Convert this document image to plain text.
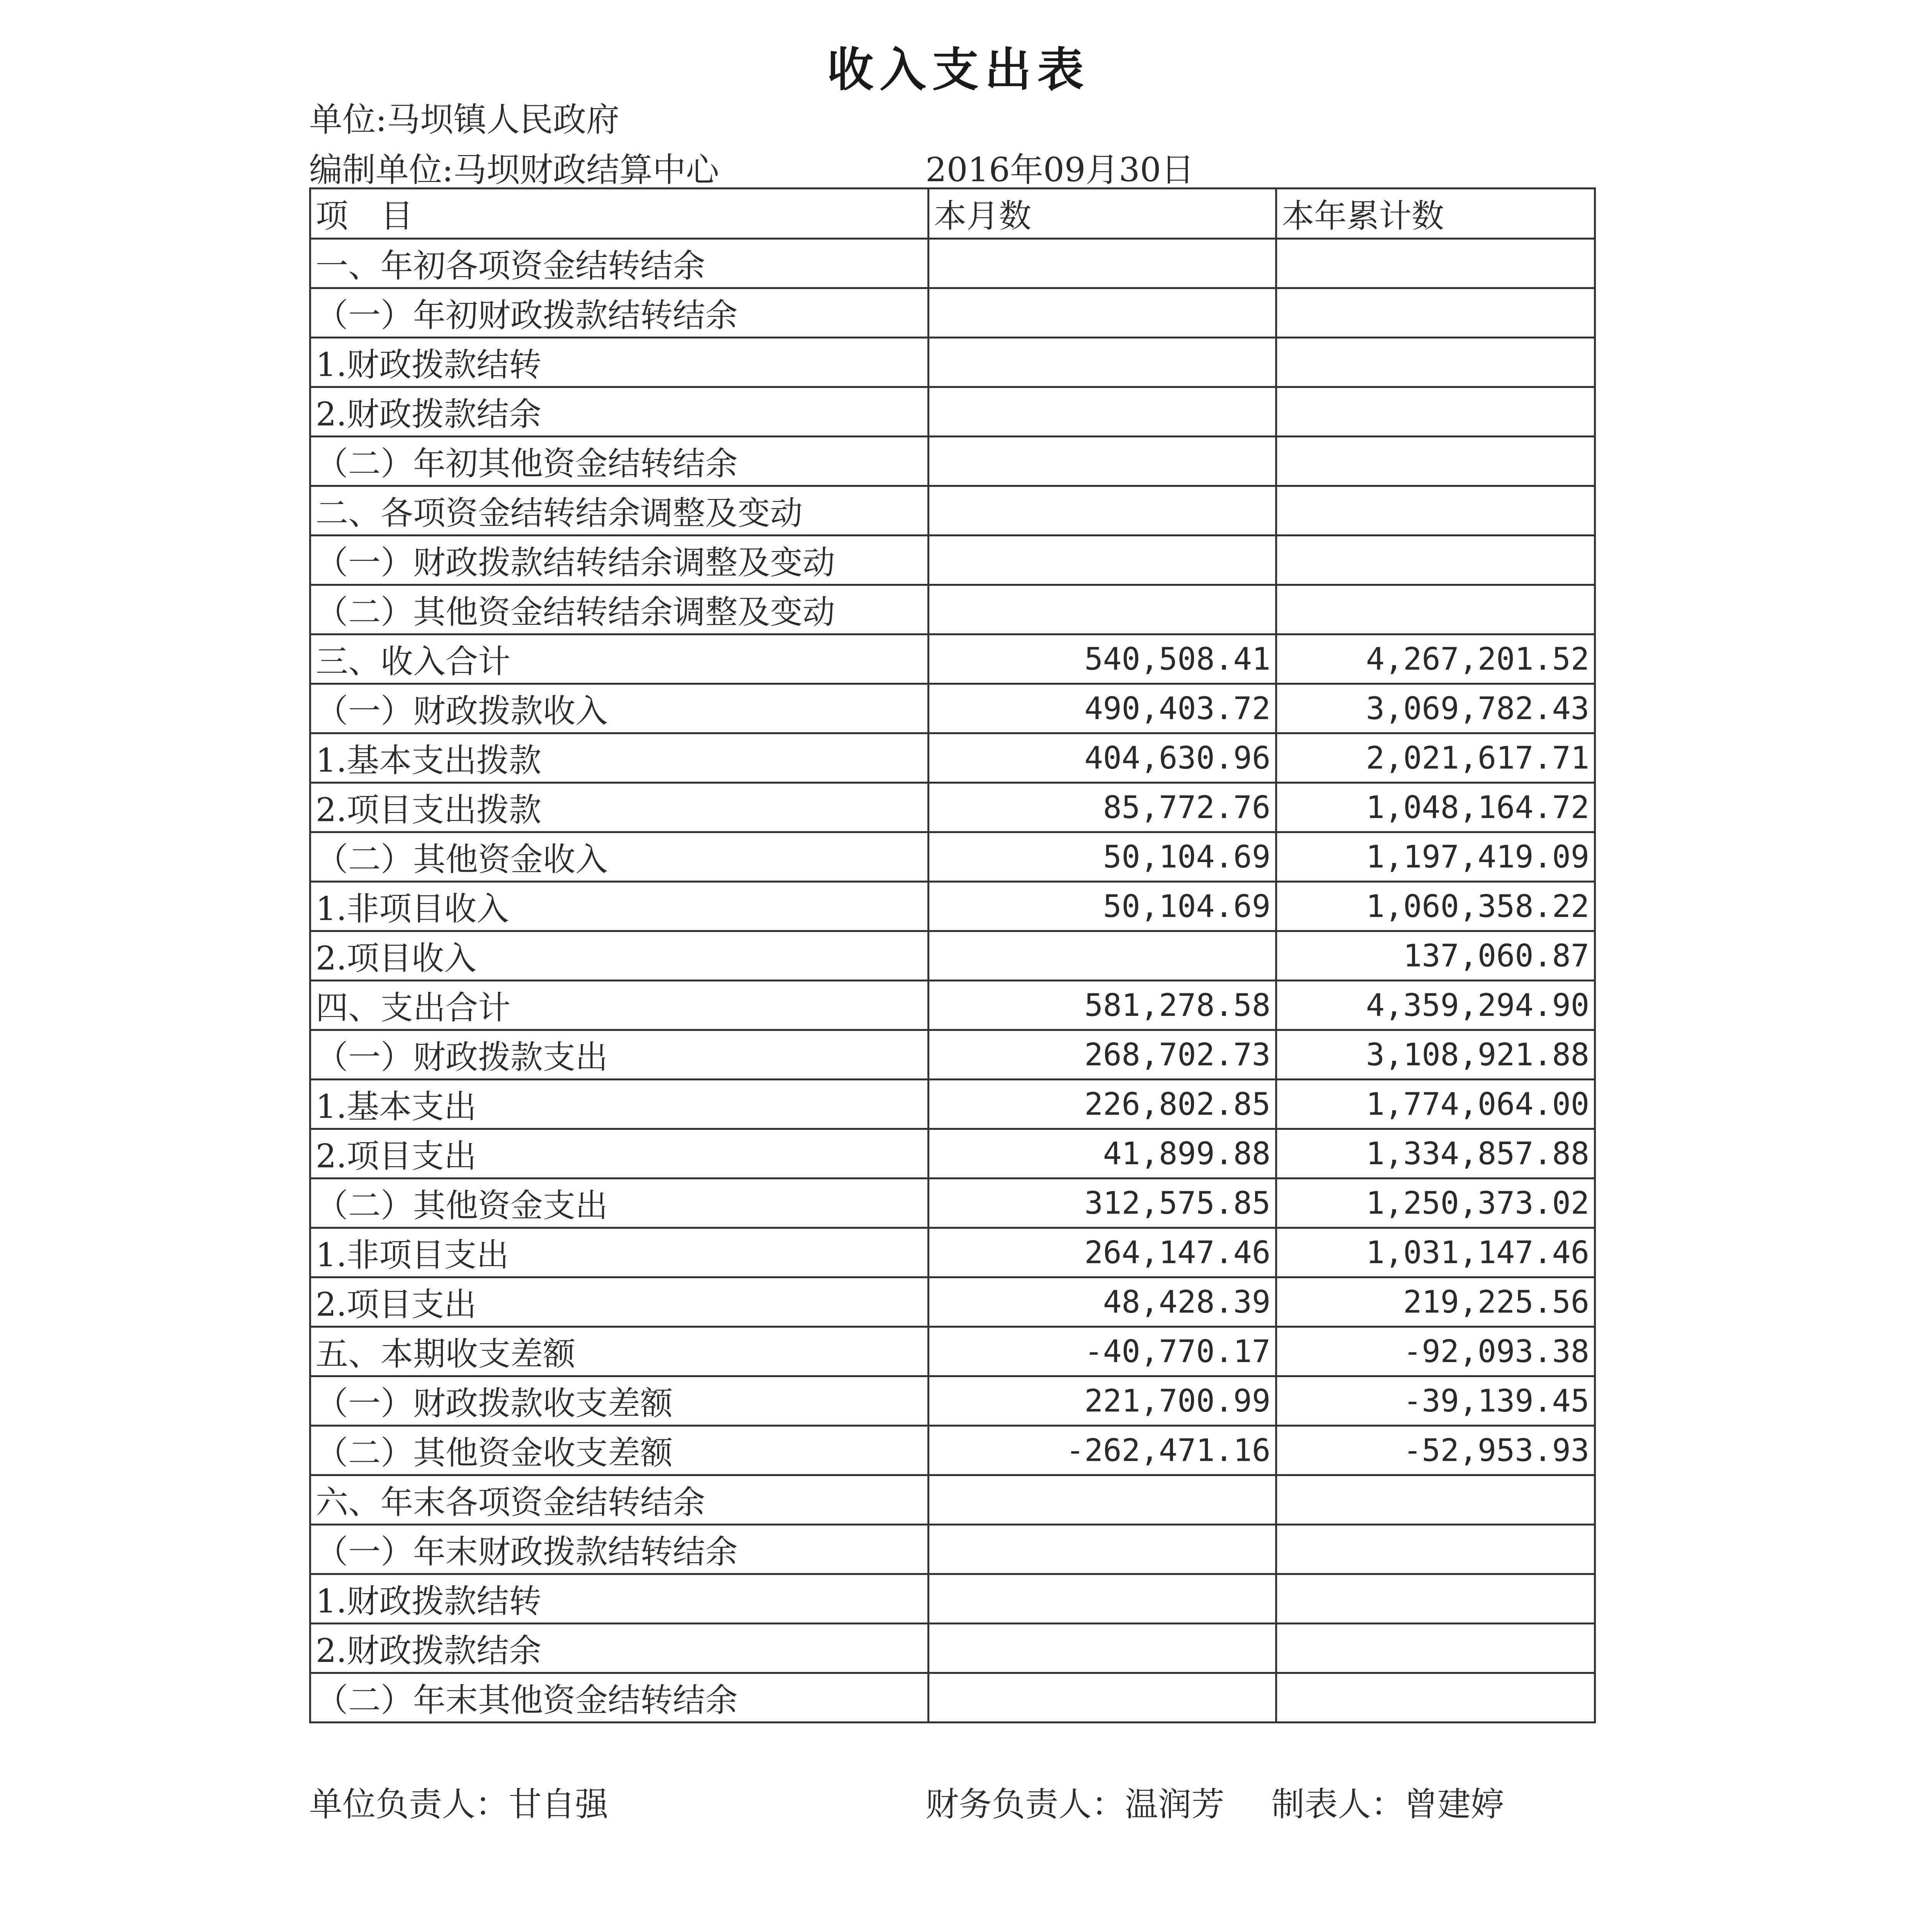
收入支出表
单位:马坝镇人民政府
编制单位:马坝财政结算中心	2016年09月30日
项　目	本月数	本年累计数
一、年初各项资金结转结余		
（一）年初财政拨款结转结余		
1.财政拨款结转		
2.财政拨款结余		
（二）年初其他资金结转结余		
二、各项资金结转结余调整及变动		
（一）财政拨款结转结余调整及变动		
（二）其他资金结转结余调整及变动		
三、收入合计	540,508.41	4,267,201.52
（一）财政拨款收入	490,403.72	3,069,782.43
1.基本支出拨款	404,630.96	2,021,617.71
2.项目支出拨款	85,772.76	1,048,164.72
（二）其他资金收入	50,104.69	1,197,419.09
1.非项目收入	50,104.69	1,060,358.22
2.项目收入		137,060.87
四、支出合计	581,278.58	4,359,294.90
（一）财政拨款支出	268,702.73	3,108,921.88
1.基本支出	226,802.85	1,774,064.00
2.项目支出	41,899.88	1,334,857.88
（二）其他资金支出	312,575.85	1,250,373.02
1.非项目支出	264,147.46	1,031,147.46
2.项目支出	48,428.39	219,225.56
五、本期收支差额	-40,770.17	-92,093.38
（一）财政拨款收支差额	221,700.99	-39,139.45
（二）其他资金收支差额	-262,471.16	-52,953.93
六、年末各项资金结转结余		
（一）年末财政拨款结转结余		
1.财政拨款结转		
2.财政拨款结余		
（二）年末其他资金结转结余		
单位负责人：甘自强	财务负责人：温润芳 制表人：曾建婷
